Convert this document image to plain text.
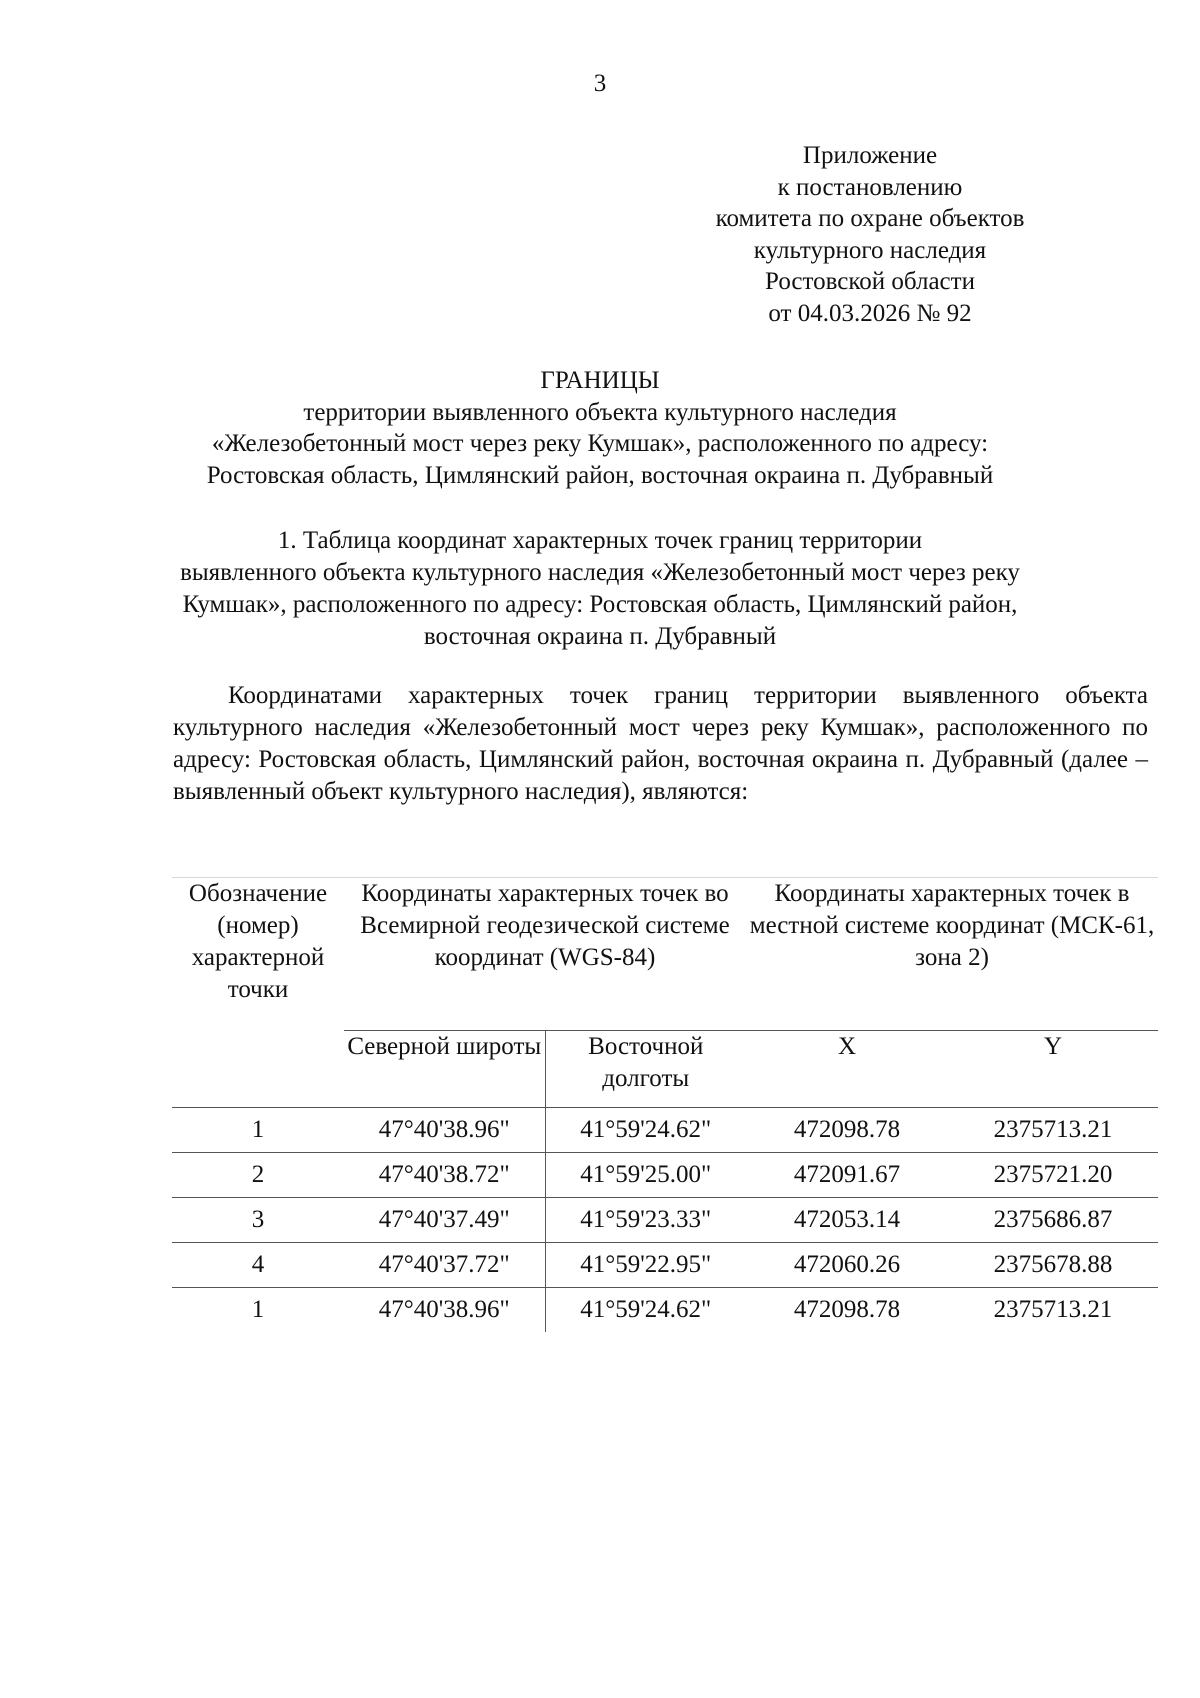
3
Приложение
к постановлению
комитета по охране объектов
культурного наследия
Ростовской области
от 04.03.2026 № 92
ГРАНИЦЫ
территории выявленного объекта культурного наследия
«Железобетонный мост через реку Кумшак», расположенного по адресу:
Ростовская область, Цимлянский район, восточная окраина п. Дубравный
1. Таблица координат характерных точек границ территории
выявленного объекта культурного наследия «Железобетонный мост через реку
Кумшак», расположенного по адресу: Ростовская область, Цимлянский район,
восточная окраина п. Дубравный
Координатами характерных точек границ территории выявленного объекта культурного наследия «Железобетонный мост через реку Кумшак», расположенного по адресу: Ростовская область, Цимлянский район, восточная окраина п. Дубравный (далее – выявленный объект культурного наследия), являются:
Обозначение (номер) характерной точки	Координаты характерных точек во Всемирной геодезической системе координат (WGS-84)		Координаты характерных точек в местной системе координат (МСК-61, зона 2)	
	Северной широты	Восточной долготы	X	Y
1	47°40'38.96"	41°59'24.62"	472098.78	2375713.21
2	47°40'38.72"	41°59'25.00"	472091.67	2375721.20
3	47°40'37.49"	41°59'23.33"	472053.14	2375686.87
4	47°40'37.72"	41°59'22.95"	472060.26	2375678.88
1	47°40'38.96"	41°59'24.62"	472098.78	2375713.21
